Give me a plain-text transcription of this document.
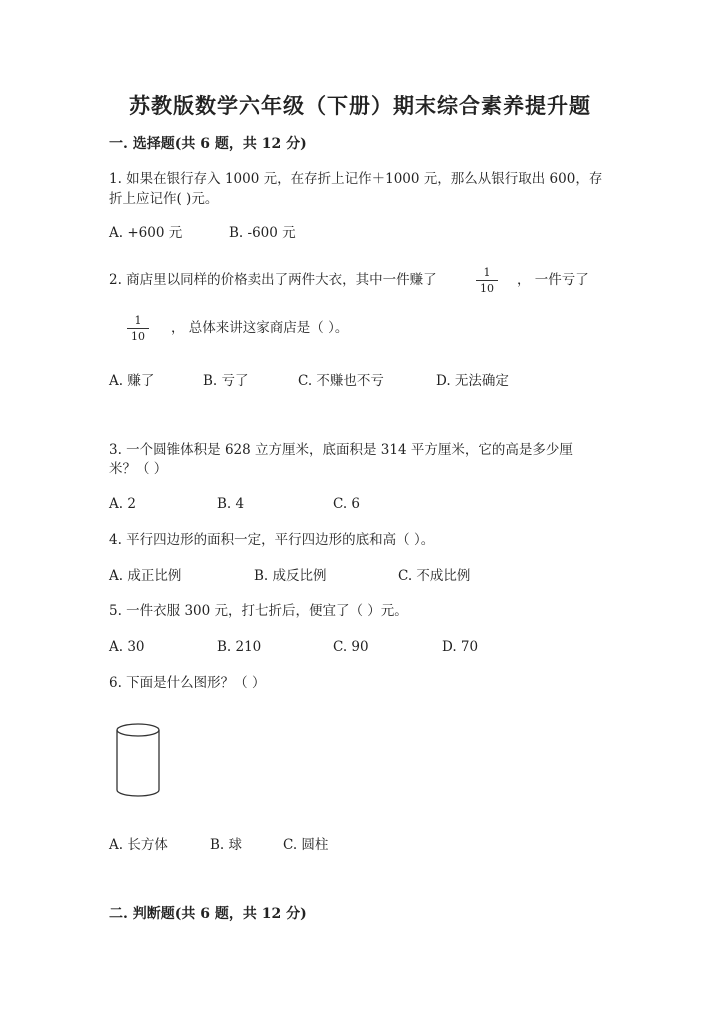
苏教版数学六年级（下册）期末综合素养提升题
一. 选择题(共 6 题，共 12 分)
1. 如果在银行存入 1000 元，在存折上记作＋1000 元，那么从银行取出 600，存
折上应记作( )元。
A. +600 元	B. -600 元
2. 商店里以同样的价格卖出了两件大衣，其中一件赚了	1
10
， 一件亏了
1
10
， 总体来讲这家商店是（ ）。
A. 赚了	B. 亏了	C. 不赚也不亏	D. 无法确定
3. 一个圆锥体积是 628 立方厘米，底面积是 314 平方厘米，它的高是多少厘
米？（ ）
A. 2	B. 4	C. 6
4. 平行四边形的面积一定，平行四边形的底和高（ ）。
A. 成正比例	B. 成反比例	C. 不成比例
5. 一件衣服 300 元，打七折后，便宜了（ ）元。
A. 30	B. 210	C. 90	D. 70
6. 下面是什么图形？（ ）
A. 长方体	B. 球	C. 圆柱
二. 判断题(共 6 题，共 12 分)
